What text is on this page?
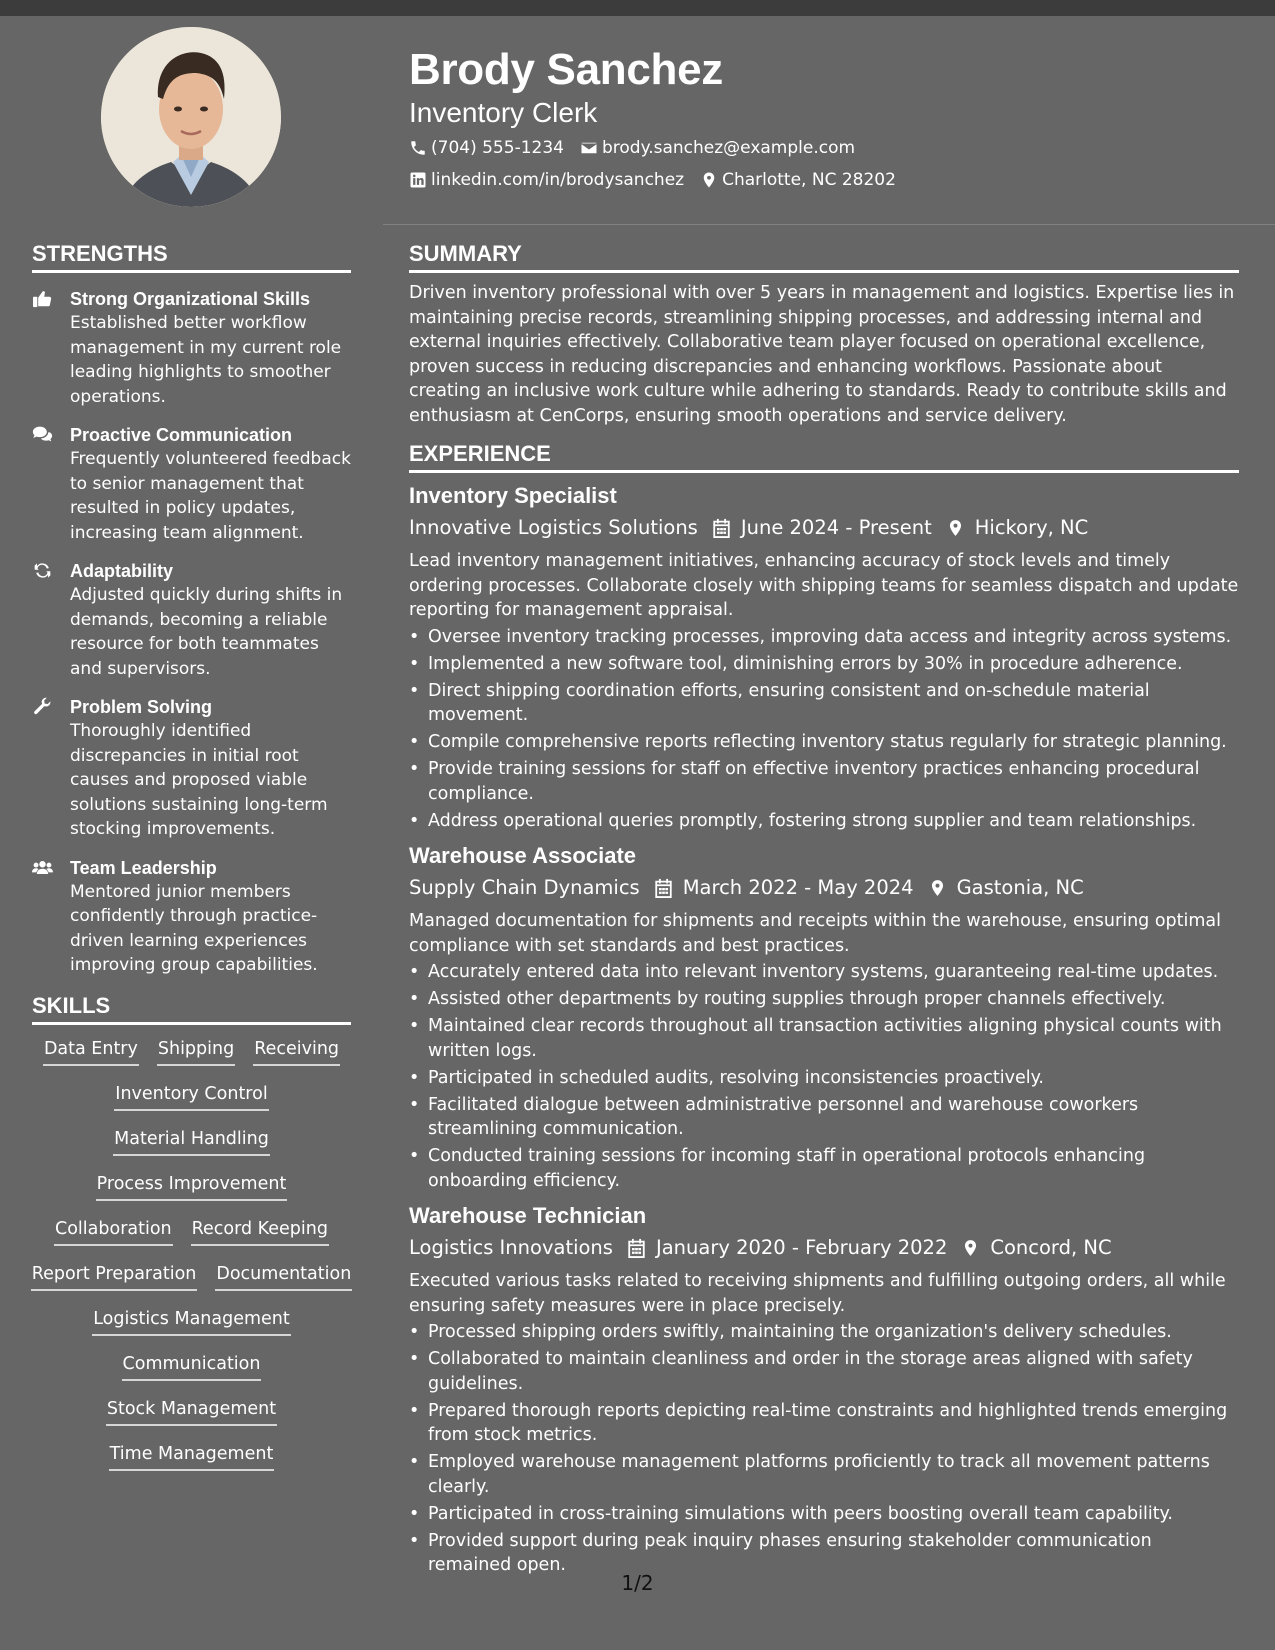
Brody Sanchez
Inventory Clerk
(704) 555-1234 brody.sanchez@example.com
linkedin.com/in/brodysanchez Charlotte, NC 28202
STRENGTHS
Strong Organizational Skills
Established better workflow management in my current role leading highlights to smoother operations.
Proactive Communication
Frequently volunteered feedback to senior management that resulted in policy updates, increasing team alignment.
Adaptability
Adjusted quickly during shifts in demands, becoming a reliable resource for both teammates and supervisors.
Problem Solving
Thoroughly identified discrepancies in initial root causes and proposed viable solutions sustaining long-term stocking improvements.
Team Leadership
Mentored junior members confidently through practice-driven learning experiences improving group capabilities.
SKILLS
Data Entry Shipping Receiving
Inventory Control
Material Handling
Process Improvement
Collaboration Record Keeping
Report Preparation Documentation
Logistics Management
Communication
Stock Management
Time Management
SUMMARY
Driven inventory professional with over 5 years in management and logistics. Expertise lies in maintaining precise records, streamlining shipping processes, and addressing internal and external inquiries effectively. Collaborative team player focused on operational excellence, proven success in reducing discrepancies and enhancing workflows. Passionate about creating an inclusive work culture while adhering to standards. Ready to contribute skills and enthusiasm at CenCorps, ensuring smooth operations and service delivery.
EXPERIENCE
Inventory Specialist
Innovative Logistics Solutions June 2024 - Present Hickory, NC
Lead inventory management initiatives, enhancing accuracy of stock levels and timely ordering processes. Collaborate closely with shipping teams for seamless dispatch and update reporting for management appraisal.
• Oversee inventory tracking processes, improving data access and integrity across systems.
• Implemented a new software tool, diminishing errors by 30% in procedure adherence.
• Direct shipping coordination efforts, ensuring consistent and on-schedule material movement.
• Compile comprehensive reports reflecting inventory status regularly for strategic planning.
• Provide training sessions for staff on effective inventory practices enhancing procedural compliance.
• Address operational queries promptly, fostering strong supplier and team relationships.
Warehouse Associate
Supply Chain Dynamics March 2022 - May 2024 Gastonia, NC
Managed documentation for shipments and receipts within the warehouse, ensuring optimal compliance with set standards and best practices.
• Accurately entered data into relevant inventory systems, guaranteeing real-time updates.
• Assisted other departments by routing supplies through proper channels effectively.
• Maintained clear records throughout all transaction activities aligning physical counts with written logs.
• Participated in scheduled audits, resolving inconsistencies proactively.
• Facilitated dialogue between administrative personnel and warehouse coworkers streamlining communication.
• Conducted training sessions for incoming staff in operational protocols enhancing onboarding efficiency.
Warehouse Technician
Logistics Innovations January 2020 - February 2022 Concord, NC
Executed various tasks related to receiving shipments and fulfilling outgoing orders, all while ensuring safety measures were in place precisely.
• Processed shipping orders swiftly, maintaining the organization's delivery schedules.
• Collaborated to maintain cleanliness and order in the storage areas aligned with safety guidelines.
• Prepared thorough reports depicting real-time constraints and highlighted trends emerging from stock metrics.
• Employed warehouse management platforms proficiently to track all movement patterns clearly.
• Participated in cross-training simulations with peers boosting overall team capability.
• Provided support during peak inquiry phases ensuring stakeholder communication remained open.
1/2
